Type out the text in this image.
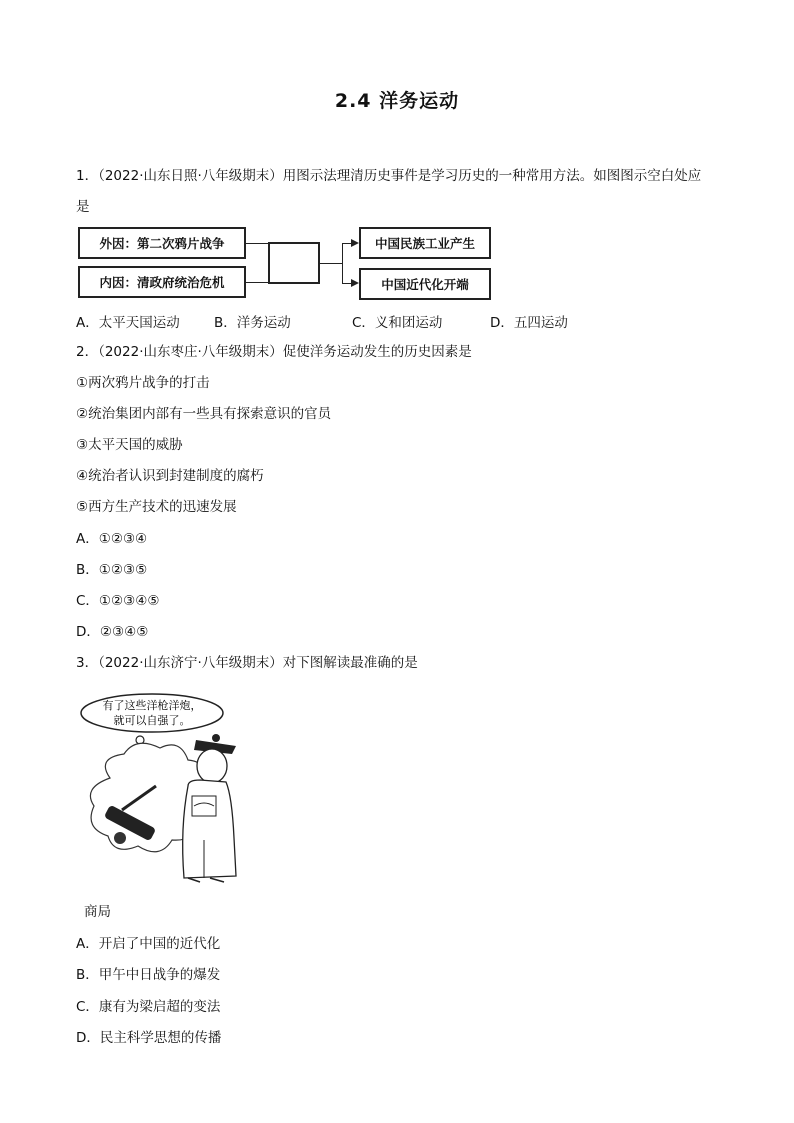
2.4 洋务运动
1．（2022·山东日照·八年级期末）用图示法理清历史事件是学习历史的一种常用方法。如图图示空白处应
是
外因：第二次鸦片战争
内因：清政府统治危机
中国民族工业产生
中国近代化开端
A．太平天国运动	B．洋务运动	C．义和团运动	D．五四运动
2．（2022·山东枣庄·八年级期末）促使洋务运动发生的历史因素是
①两次鸦片战争的打击
②统治集团内部有一些具有探索意识的官员
③太平天国的威胁
④统治者认识到封建制度的腐朽
⑤西方生产技术的迅速发展
A．①②③④
B．①②③⑤
C．①②③④⑤
D．②③④⑤
3．（2022·山东济宁·八年级期末）对下图解读最准确的是
有了这些洋枪洋炮，
就可以自强了。
商局
A．开启了中国的近代化
B．甲午中日战争的爆发
C．康有为梁启超的变法
D．民主科学思想的传播
